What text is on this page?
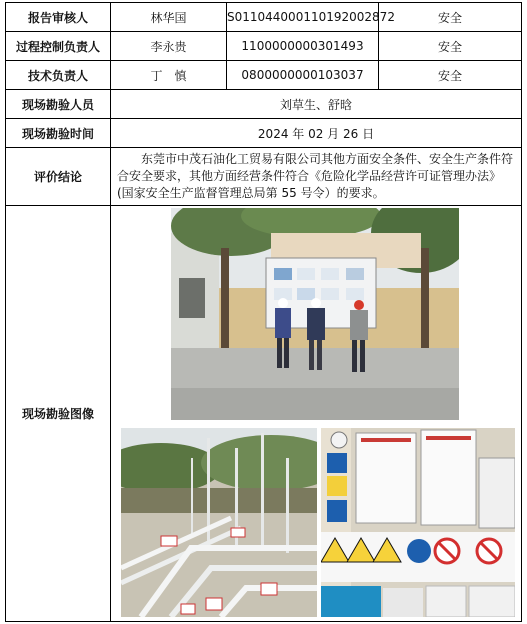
报告审核人	林华国	S011044000110192002872	安全
过程控制负责人	李永贵	1100000000301493	安全
技术负责人	丁　慎	0800000000103037	安全
现场勘验人员	刘草生、舒晗		
现场勘验时间	2024 年 02 月 26 日		
评价结论	东莞市中茂石油化工贸易有限公司其他方面安全条件、安全生产条件符合安全要求，其他方面经营条件符合《危险化学品经营许可证管理办法》(国家安全生产监督管理总局第 55 号令）的要求。		
现场勘验图像	
